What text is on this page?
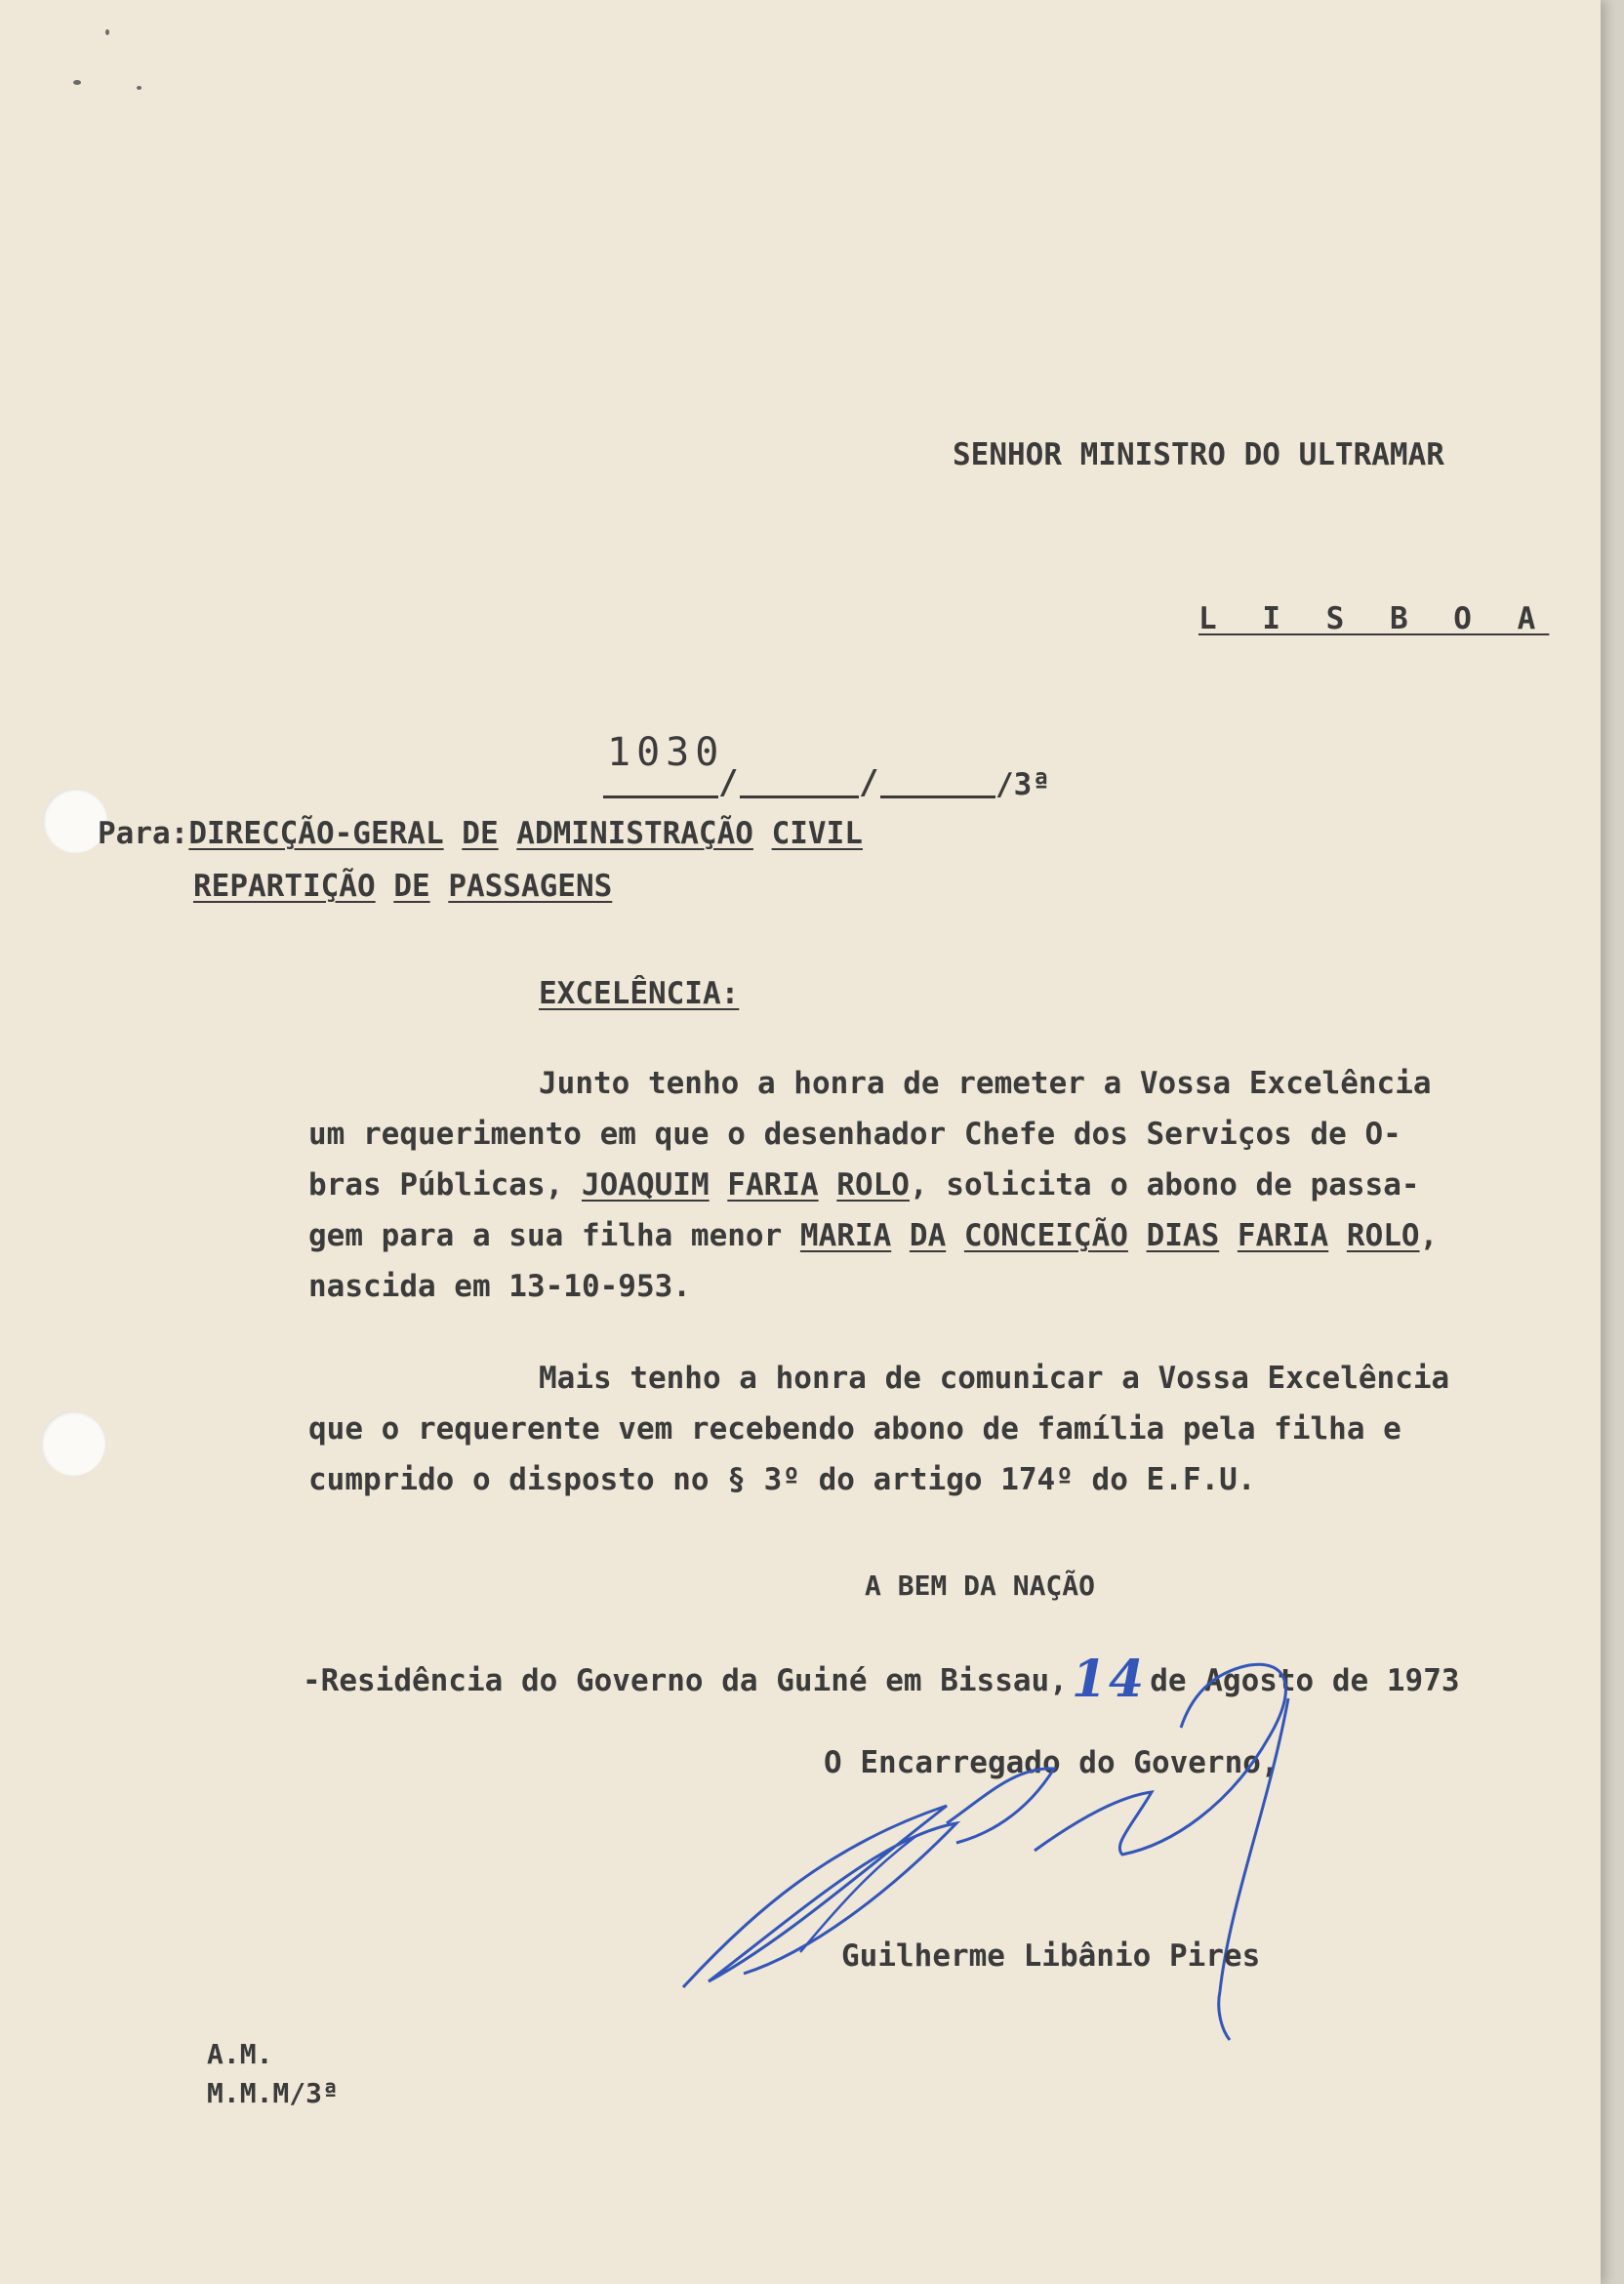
SENHOR MINISTRO DO ULTRAMAR
L I S B O A
1030
/	/	/3ª
Para:DIRECÇÃO-GERAL DE ADMINISTRAÇÃO CIVIL
REPARTIÇÃO DE PASSAGENS
EXCELÊNCIA:
Junto tenho a honra de remeter a Vossa Excelência
um requerimento em que o desenhador Chefe dos Serviços de O-
bras Públicas, JOAQUIM FARIA ROLO, solicita o abono de passa-
gem para a sua filha menor MARIA DA CONCEIÇÃO DIAS FARIA ROLO,
nascida em 13-10-953.
Mais tenho a honra de comunicar a Vossa Excelência
que o requerente vem recebendo abono de família pela filha e
cumprido o disposto no § 3º do artigo 174º do E.F.U.
A BEM DA NAÇÃO
-Residência do Governo da Guiné em Bissau,14 de Agosto de 1973
O Encarregado do Governo,
Guilherme Libânio Pires
A.M.
M.M.M/3ª
